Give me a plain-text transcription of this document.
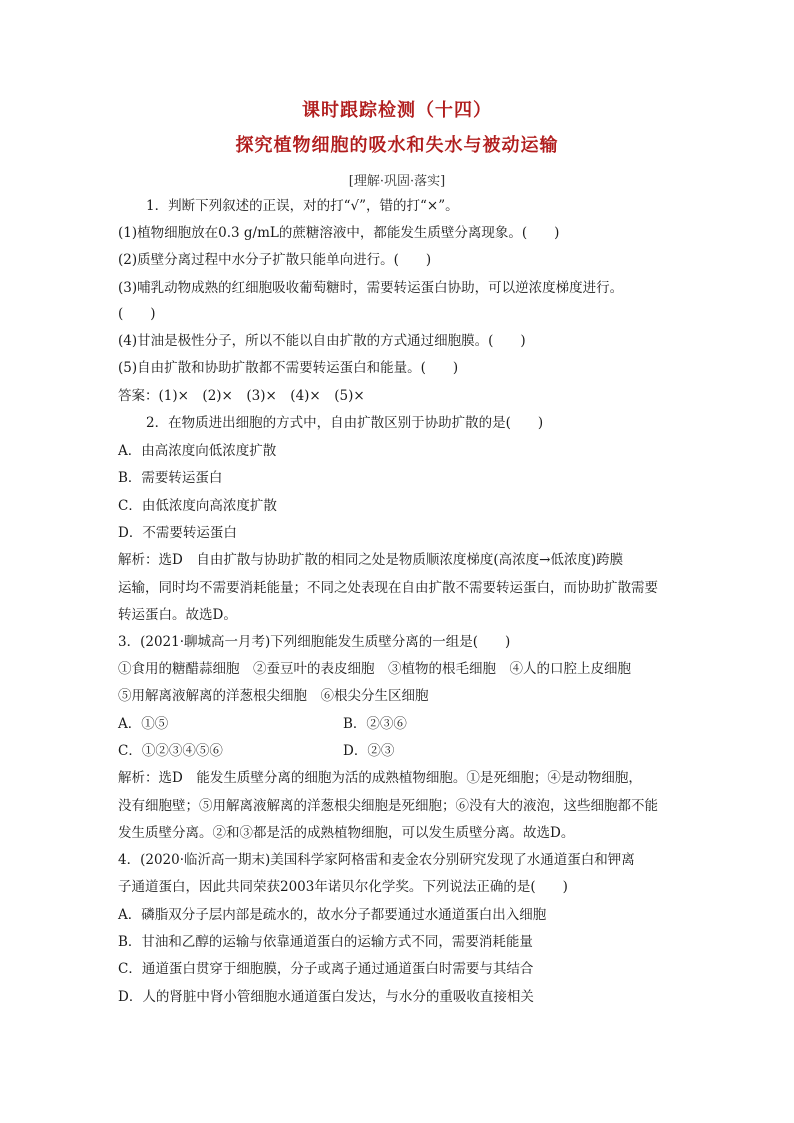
课时跟踪检测（十四）
探究植物细胞的吸水和失水与被动运输
[理解·巩固·落实]
1．判断下列叙述的正误，对的打“√”，错的打“×”。
(1)植物细胞放在0.3 g/mL的蔗糖溶液中，都能发生质壁分离现象。(　　)
(2)质壁分离过程中水分子扩散只能单向进行。(　　)
(3)哺乳动物成熟的红细胞吸收葡萄糖时，需要转运蛋白协助，可以逆浓度梯度进行。
(　　)
(4)甘油是极性分子，所以不能以自由扩散的方式通过细胞膜。(　　)
(5)自由扩散和协助扩散都不需要转运蛋白和能量。(　　)
答案：(1)×　(2)×　(3)×　(4)×　(5)×
2．在物质进出细胞的方式中，自由扩散区别于协助扩散的是(　　)
A．由高浓度向低浓度扩散
B．需要转运蛋白
C．由低浓度向高浓度扩散
D．不需要转运蛋白
解析：选D　自由扩散与协助扩散的相同之处是物质顺浓度梯度(高浓度→低浓度)跨膜
运输，同时均不需要消耗能量；不同之处表现在自由扩散不需要转运蛋白，而协助扩散需要
转运蛋白。故选D。
3．(2021·聊城高一月考)下列细胞能发生质壁分离的一组是(　　)
①食用的糖醋蒜细胞　②蚕豆叶的表皮细胞　③植物的根毛细胞　④人的口腔上皮细胞
⑤用解离液解离的洋葱根尖细胞　⑥根尖分生区细胞
A．①⑤	B．②③⑥
C．①②③④⑤⑥	D．②③
解析：选D　能发生质壁分离的细胞为活的成熟植物细胞。①是死细胞；④是动物细胞，
没有细胞壁；⑤用解离液解离的洋葱根尖细胞是死细胞；⑥没有大的液泡，这些细胞都不能
发生质壁分离。②和③都是活的成熟植物细胞，可以发生质壁分离。故选D。
4．(2020·临沂高一期末)美国科学家阿格雷和麦金农分别研究发现了水通道蛋白和钾离
子通道蛋白，因此共同荣获2003年诺贝尔化学奖。下列说法正确的是(　　)
A．磷脂双分子层内部是疏水的，故水分子都要通过水通道蛋白出入细胞
B．甘油和乙醇的运输与依靠通道蛋白的运输方式不同，需要消耗能量
C．通道蛋白贯穿于细胞膜，分子或离子通过通道蛋白时需要与其结合
D．人的肾脏中肾小管细胞水通道蛋白发达，与水分的重吸收直接相关
